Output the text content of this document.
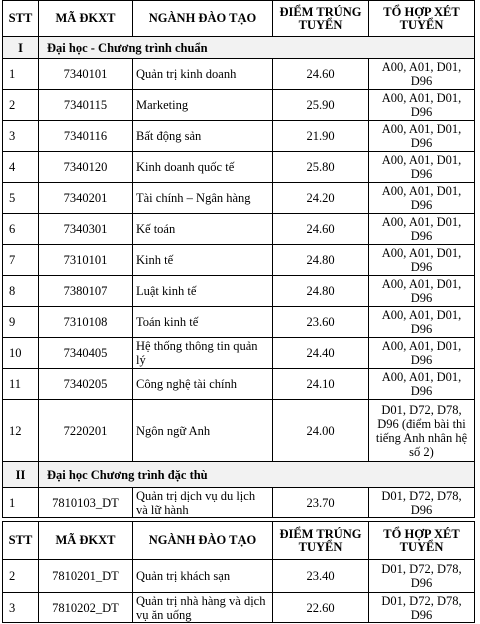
STT	MÃ ĐKXT	NGÀNH ĐÀO TẠO	ĐIỂM TRÚNG TUYỂN	TỔ HỢP XÉT TUYỂN
I	Đại học - Chương trình chuẩn			
1	7340101	Quản trị kinh doanh	24.60	A00, A01, D01, D96
2	7340115	Marketing	25.90	A00, A01, D01, D96
3	7340116	Bất động sản	21.90	A00, A01, D01, D96
4	7340120	Kinh doanh quốc tế	25.80	A00, A01, D01, D96
5	7340201	Tài chính – Ngân hàng	24.20	A00, A01, D01, D96
6	7340301	Kế toán	24.60	A00, A01, D01, D96
7	7310101	Kinh tế	24.80	A00, A01, D01, D96
8	7380107	Luật kinh tế	24.80	A00, A01, D01, D96
9	7310108	Toán kinh tế	23.60	A00, A01, D01, D96
10	7340405	Hệ thống thông tin quản lý	24.40	A00, A01, D01, D96
11	7340205	Công nghệ tài chính	24.10	A00, A01, D01, D96
12	7220201	Ngôn ngữ Anh	24.00	D01, D72, D78, D96 (điểm bài thi tiếng Anh nhân hệ số 2)
II	Đại học Chương trình đặc thù			
1	7810103_DT	Quản trị dịch vụ du lịch và lữ hành	23.70	D01, D72, D78, D96
STT	MÃ ĐKXT	NGÀNH ĐÀO TẠO	ĐIỂM TRÚNG TUYỂN	TỔ HỢP XÉT TUYỂN
2	7810201_DT	Quản trị khách sạn	23.40	D01, D72, D78, D96
3	7810202_DT	Quản trị nhà hàng và dịch vụ ăn uống	22.60	D01, D72, D78, D96
